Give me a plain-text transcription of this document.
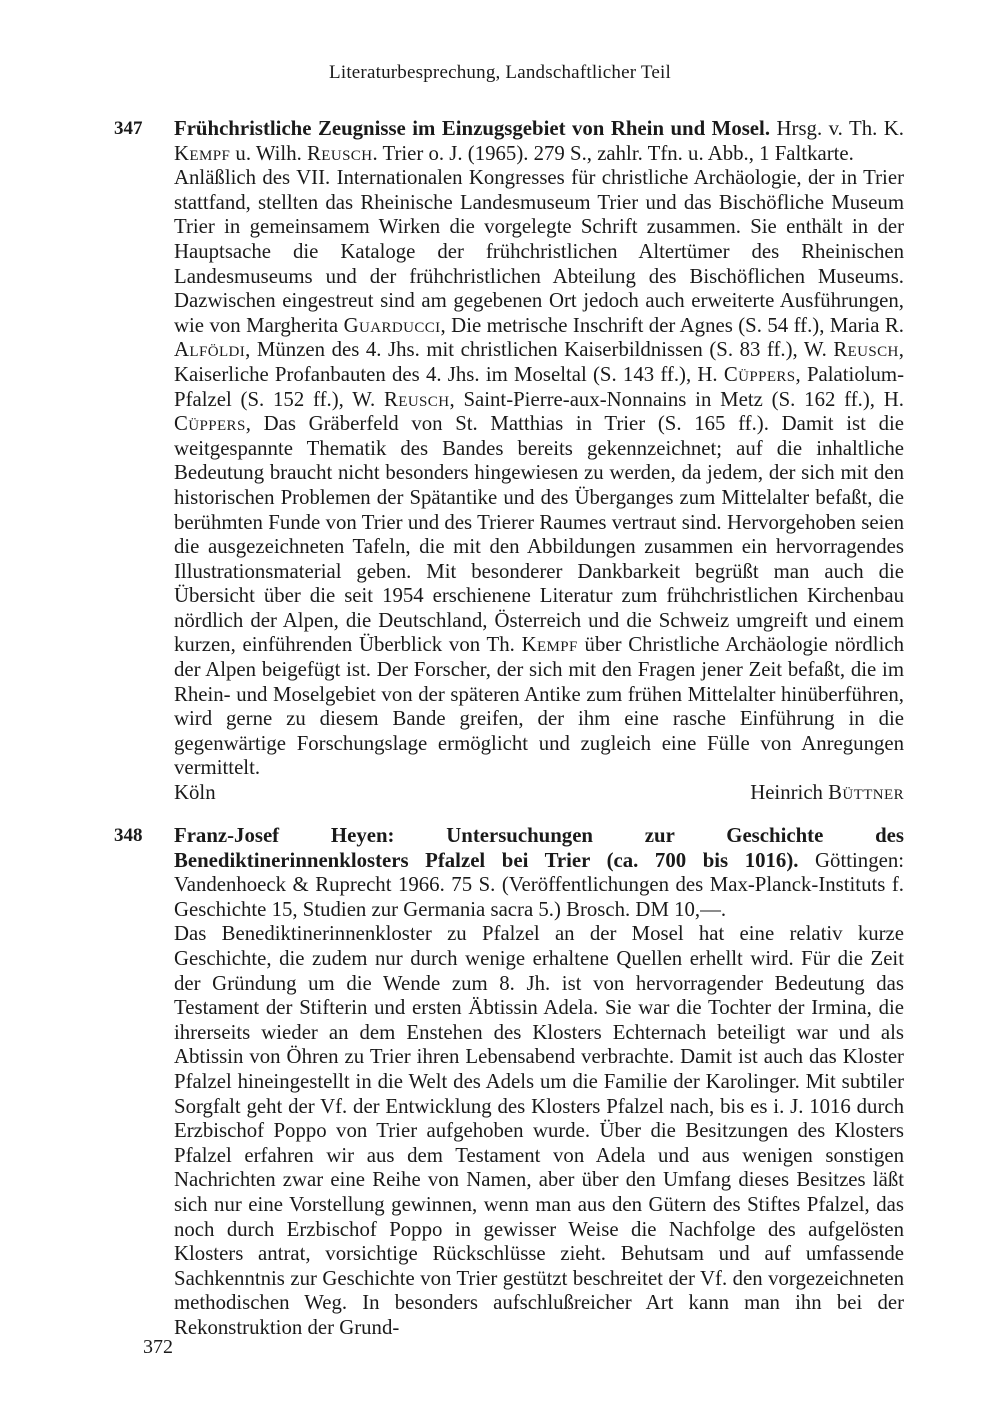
Literaturbesprechung, Landschaftlicher Teil
347 Frühchristliche Zeugnisse im Einzugsgebiet von Rhein und Mosel. Hrsg. v. Th. K. Kempf u. Wilh. Reusch. Trier o. J. (1965). 279 S., zahlr. Tfn. u. Abb., 1 Faltkarte.

Anläßlich des VII. Internationalen Kongresses für christliche Archäologie, der in Trier stattfand, stellten das Rheinische Landesmuseum Trier und das Bischöfliche Museum Trier in gemeinsamem Wirken die vorgelegte Schrift zusammen. Sie enthält in der Hauptsache die Kataloge der frühchristlichen Altertümer des Rheinischen Landesmuseums und der frühchristlichen Abteilung des Bischöflichen Museums. Dazwischen eingestreut sind am gegebenen Ort jedoch auch erweiterte Ausführungen, wie von Margherita Guarducci, Die metrische Inschrift der Agnes (S. 54 ff.), Maria R. Alföldi, Münzen des 4. Jhs. mit christlichen Kaiserbildnissen (S. 83 ff.), W. Reusch, Kaiserliche Profanbauten des 4. Jhs. im Moseltal (S. 143 ff.), H. Cüppers, Palatiolum-Pfalzel (S. 152 ff.), W. Reusch, Saint-Pierre-aux-Nonnains in Metz (S. 162 ff.), H. Cüppers, Das Gräberfeld von St. Matthias in Trier (S. 165 ff.). Damit ist die weitgespannte Thematik des Bandes bereits gekennzeichnet; auf die inhaltliche Bedeutung braucht nicht besonders hingewiesen zu werden, da jedem, der sich mit den historischen Problemen der Spätantike und des Überganges zum Mittelalter befaßt, die berühmten Funde von Trier und des Trierer Raumes vertraut sind. Hervorgehoben seien die ausgezeichneten Tafeln, die mit den Abbildungen zusammen ein hervorragendes Illustrationsmaterial geben. Mit besonderer Dankbarkeit begrüßt man auch die Übersicht über die seit 1954 erschienene Literatur zum frühchristlichen Kirchenbau nördlich der Alpen, die Deutschland, Österreich und die Schweiz umgreift und einem kurzen, einführenden Überblick von Th. Kempf über Christliche Archäologie nördlich der Alpen beigefügt ist. Der Forscher, der sich mit den Fragen jener Zeit befaßt, die im Rhein- und Moselgebiet von der späteren Antike zum frühen Mittelalter hinüberführen, wird gerne zu diesem Bande greifen, der ihm eine rasche Einführung in die gegenwärtige Forschungslage ermöglicht und zugleich eine Fülle von Anregungen vermittelt.

Köln	Heinrich Büttner
348 Franz-Josef Heyen: Untersuchungen zur Geschichte des Benediktinerinnenklosters Pfalzel bei Trier (ca. 700 bis 1016). Göttingen: Vandenhoeck & Ruprecht 1966. 75 S. (Veröffentlichungen des Max-Planck-Instituts f. Geschichte 15, Studien zur Germania sacra 5.) Brosch. DM 10,—.

Das Benediktinerinnenkloster zu Pfalzel an der Mosel hat eine relativ kurze Geschichte, die zudem nur durch wenige erhaltene Quellen erhellt wird. Für die Zeit der Gründung um die Wende zum 8. Jh. ist von hervorragender Bedeutung das Testament der Stifterin und ersten Äbtissin Adela. Sie war die Tochter der Irmina, die ihrerseits wieder an dem Enstehen des Klosters Echternach beteiligt war und als Abtissin von Öhren zu Trier ihren Lebensabend verbrachte. Damit ist auch das Kloster Pfalzel hineingestellt in die Welt des Adels um die Familie der Karolinger. Mit subtiler Sorgfalt geht der Vf. der Entwicklung des Klosters Pfalzel nach, bis es i. J. 1016 durch Erzbischof Poppo von Trier aufgehoben wurde. Über die Besitzungen des Klosters Pfalzel erfahren wir aus dem Testament von Adela und aus wenigen sonstigen Nachrichten zwar eine Reihe von Namen, aber über den Umfang dieses Besitzes läßt sich nur eine Vorstellung gewinnen, wenn man aus den Gütern des Stiftes Pfalzel, das noch durch Erzbischof Poppo in gewisser Weise die Nachfolge des aufgelösten Klosters antrat, vorsichtige Rückschlüsse zieht. Behutsam und auf umfassende Sachkenntnis zur Geschichte von Trier gestützt beschreitet der Vf. den vorgezeichneten methodischen Weg. In besonders aufschlußreicher Art kann man ihn bei der Rekonstruktion der Grund-

372
